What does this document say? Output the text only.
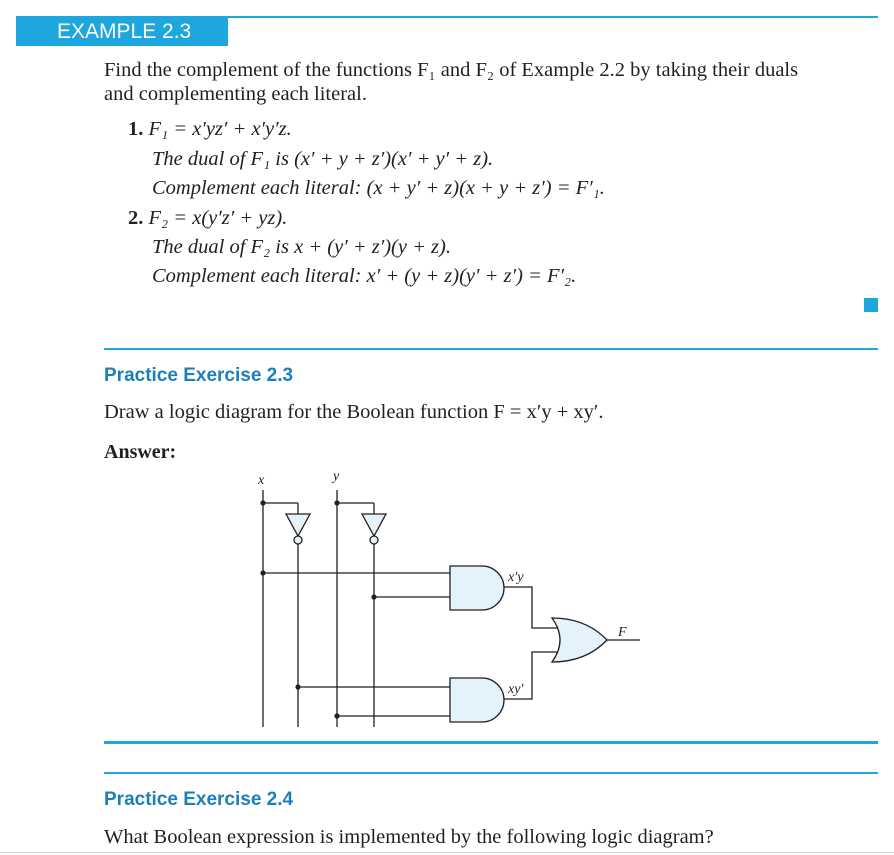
EXAMPLE 2.3
Find the complement of the functions F₁ and F₂ of Example 2.2 by taking their duals
and complementing each literal.
1. F₁ = x′yz′ + x′y′z.
The dual of F₁ is (x′ + y + z′)(x′ + y′ + z).
Complement each literal: (x + y′ + z)(x + y + z′) = F′₁.
2. F₂ = x(y′z′ + yz).
The dual of F₂ is x + (y′ + z′)(y + z).
Complement each literal: x′ + (y + z)(y′ + z′) = F′₂.
Practice Exercise 2.3
Draw a logic diagram for the Boolean function F = x′y + xy′.
Answer:
x	y
x′y
xy′
F
Practice Exercise 2.4
What Boolean expression is implemented by the following logic diagram?
